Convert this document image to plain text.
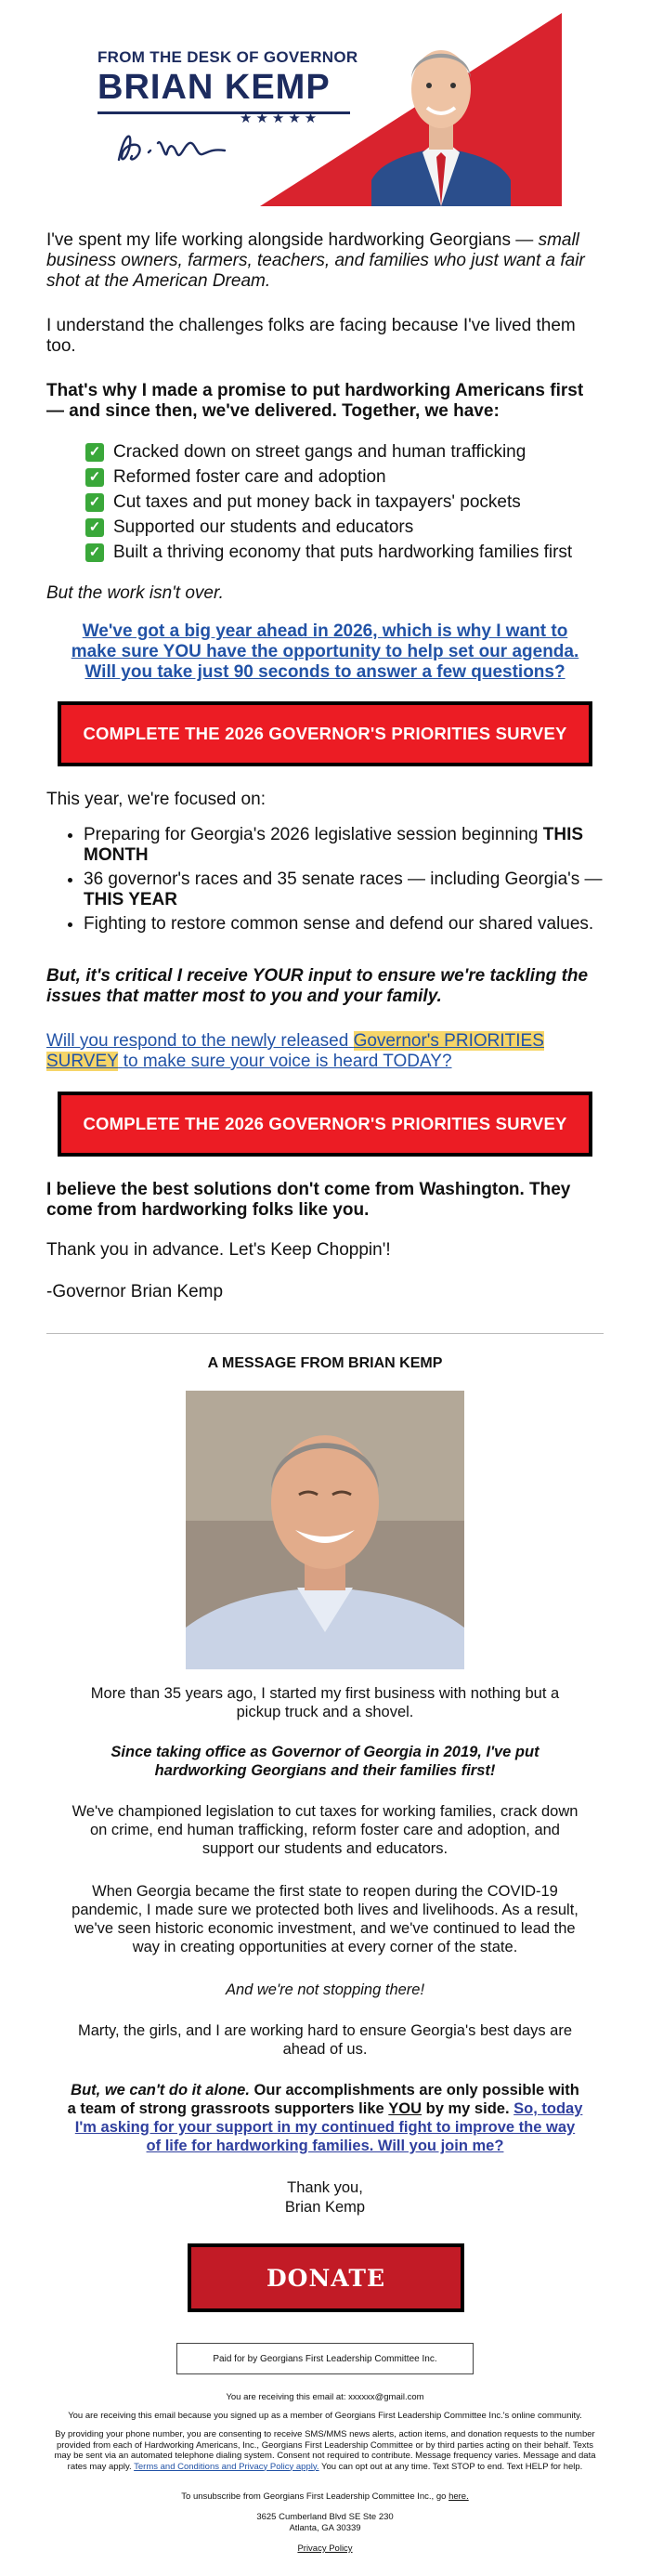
FROM THE DESK OF GOVERNOR
BRIAN KEMP
★★★★★

I've spent my life working alongside hardworking Georgians — small business owners, farmers, teachers, and families who just want a fair shot at the American Dream.

I understand the challenges folks are facing because I've lived them too.
That's why I made a promise to put hardworking Americans first — and since then, we've delivered. Together, we have:
✓ Cracked down on street gangs and human trafficking
✓ Reformed foster care and adoption
✓ Cut taxes and put money back in taxpayers' pockets
✓ Supported our students and educators
✓ Built a thriving economy that puts hardworking families first
But the work isn't over.
We've got a big year ahead in 2026, which is why I want to make sure YOU have the opportunity to help set our agenda. Will you take just 90 seconds to answer a few questions?
COMPLETE THE 2026 GOVERNOR'S PRIORITIES SURVEY
This year, we're focused on:
• Preparing for Georgia's 2026 legislative session beginning THIS MONTH
• 36 governor's races and 35 senate races — including Georgia's — THIS YEAR
• Fighting to restore common sense and defend our shared values.
But, it's critical I receive YOUR input to ensure we're tackling the issues that matter most to you and your family.
Will you respond to the newly released Governor's PRIORITIES SURVEY to make sure your voice is heard TODAY?
COMPLETE THE 2026 GOVERNOR'S PRIORITIES SURVEY
I believe the best solutions don't come from Washington. They come from hardworking folks like you.
Thank you in advance. Let's Keep Choppin'!
-Governor Brian Kemp
A MESSAGE FROM BRIAN KEMP
More than 35 years ago, I started my first business with nothing but a pickup truck and a shovel.
Since taking office as Governor of Georgia in 2019, I've put hardworking Georgians and their families first!
We've championed legislation to cut taxes for working families, crack down on crime, end human trafficking, reform foster care and adoption, and support our students and educators.
When Georgia became the first state to reopen during the COVID-19 pandemic, I made sure we protected both lives and livelihoods. As a result, we've seen historic economic investment, and we've continued to lead the way in creating opportunities at every corner of the state.
And we're not stopping there!
Marty, the girls, and I are working hard to ensure Georgia's best days are ahead of us.
But, we can't do it alone. Our accomplishments are only possible with a team of strong grassroots supporters like YOU by my side. So, today I'm asking for your support in my continued fight to improve the way of life for hardworking families. Will you join me?
Thank you,
Brian Kemp
DONATE
Paid for by Georgians First Leadership Committee Inc.
You are receiving this email at: xxxxxx@gmail.com
You are receiving this email because you signed up as a member of Georgians First Leadership Committee Inc.'s online community.
By providing your phone number, you are consenting to receive SMS/MMS news alerts, action items, and donation requests to the number provided from each of Hardworking Americans, Inc., Georgians First Leadership Committee or by third parties acting on their behalf. Texts may be sent via an automated telephone dialing system. Consent not required to contribute. Message frequency varies. Message and data rates may apply. Terms and Conditions and Privacy Policy apply. You can opt out at any time. Text STOP to end. Text HELP for help.
To unsubscribe from Georgians First Leadership Committee Inc., go here.
3625 Cumberland Blvd SE Ste 230
Atlanta, GA 30339
Privacy Policy
